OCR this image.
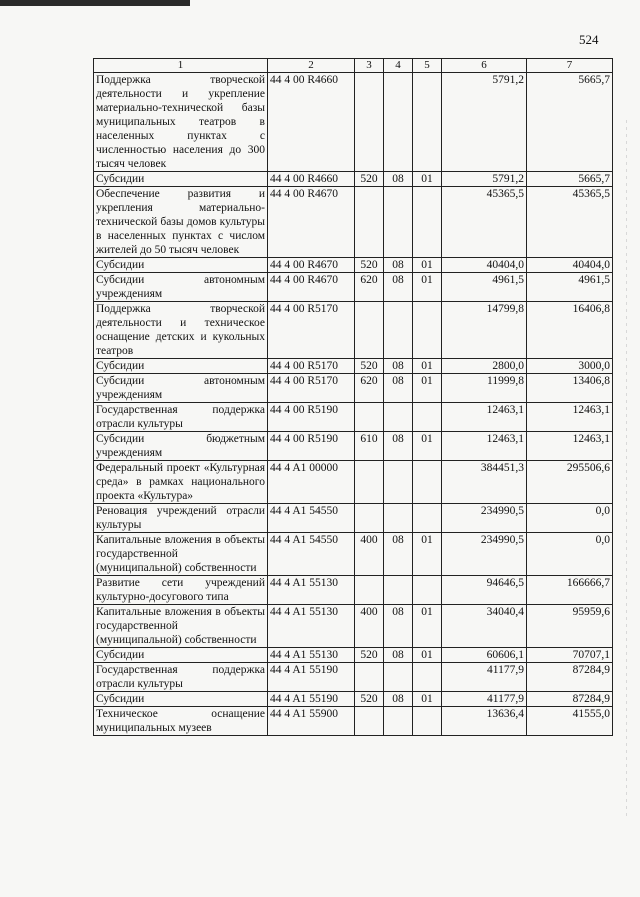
524
1	2	3	4	5	6	7
Поддержка творческой деятельности и укрепление материально-технической базы муниципальных театров в населенных пунктах с численностью населения до 300 тысяч человек	44 4 00 R4660				5791,2	5665,7
Субсидии	44 4 00 R4660	520	08	01	5791,2	5665,7
Обеспечение развития и укрепления материально-технической базы домов культуры в населенных пунктах с числом жителей до 50 тысяч человек	44 4 00 R4670				45365,5	45365,5
Субсидии	44 4 00 R4670	520	08	01	40404,0	40404,0
Субсидии автономным учреждениям	44 4 00 R4670	620	08	01	4961,5	4961,5
Поддержка творческой деятельности и техническое оснащение детских и кукольных театров	44 4 00 R5170				14799,8	16406,8
Субсидии	44 4 00 R5170	520	08	01	2800,0	3000,0
Субсидии автономным учреждениям	44 4 00 R5170	620	08	01	11999,8	13406,8
Государственная поддержка отрасли культуры	44 4 00 R5190				12463,1	12463,1
Субсидии бюджетным учреждениям	44 4 00 R5190	610	08	01	12463,1	12463,1
Федеральный проект «Культурная среда» в рамках национального проекта «Культура»	44 4 A1 00000				384451,3	295506,6
Реновация учреждений отрасли культуры	44 4 A1 54550				234990,5	0,0
Капитальные вложения в объекты государственной (муниципальной) собственности	44 4 A1 54550	400	08	01	234990,5	0,0
Развитие сети учреждений культурно-досугового типа	44 4 A1 55130				94646,5	166666,7
Капитальные вложения в объекты государственной (муниципальной) собственности	44 4 A1 55130	400	08	01	34040,4	95959,6
Субсидии	44 4 A1 55130	520	08	01	60606,1	70707,1
Государственная поддержка отрасли культуры	44 4 A1 55190				41177,9	87284,9
Субсидии	44 4 A1 55190	520	08	01	41177,9	87284,9
Техническое оснащение муниципальных музеев	44 4 A1 55900				13636,4	41555,0
